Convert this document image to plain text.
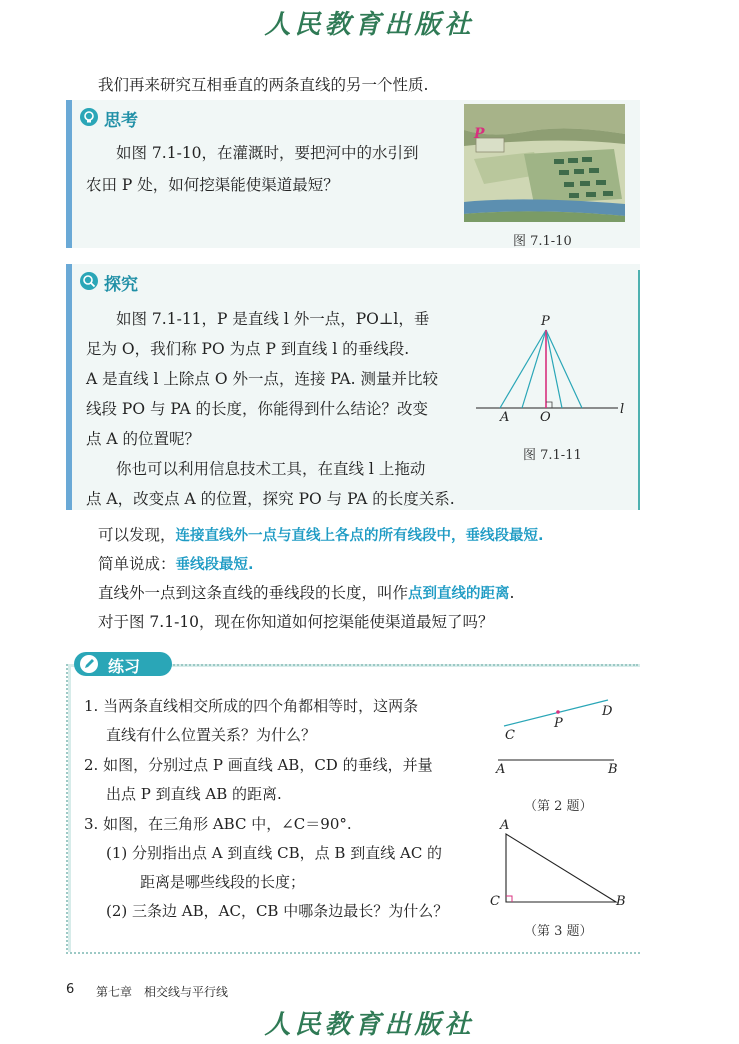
人民教育出版社
我们再来研究互相垂直的两条直线的另一个性质.
思考
如图 7.1-10，在灌溉时，要把河中的水引到
农田 P 处，如何挖渠能使渠道最短？
P
图 7.1-10
探究
如图 7.1-11，P 是直线 l 外一点，PO⊥l，垂
足为 O，我们称 PO 为点 P 到直线 l 的垂线段.
A 是直线 l 上除点 O 外一点，连接 PA. 测量并比较
线段 PO 与 PA 的长度，你能得到什么结论？改变
点 A 的位置呢？
你也可以利用信息技术工具，在直线 l 上拖动
点 A，改变点 A 的位置，探究 PO 与 PA 的长度关系.
P
A O
l
图 7.1-11
可以发现，连接直线外一点与直线上各点的所有线段中，垂线段最短.
简单说成：垂线段最短.
直线外一点到这条直线的垂线段的长度，叫作点到直线的距离.
对于图 7.1-10，现在你知道如何挖渠能使渠道最短了吗？
练习
1. 当两条直线相交所成的四个角都相等时，这两条
直线有什么位置关系？为什么？
2. 如图，分别过点 P 画直线 AB，CD 的垂线，并量
出点 P 到直线 AB 的距离.
3. 如图，在三角形 ABC 中，∠C＝90°.
(1) 分别指出点 A 到直线 CB，点 B 到直线 AC 的
距离是哪些线段的长度；
(2) 三条边 AB，AC，CB 中哪条边最长？为什么？
C
P
D
A	B
（第 2 题）
A
C	B
（第 3 题）
6 第七章　相交线与平行线
人民教育出版社
